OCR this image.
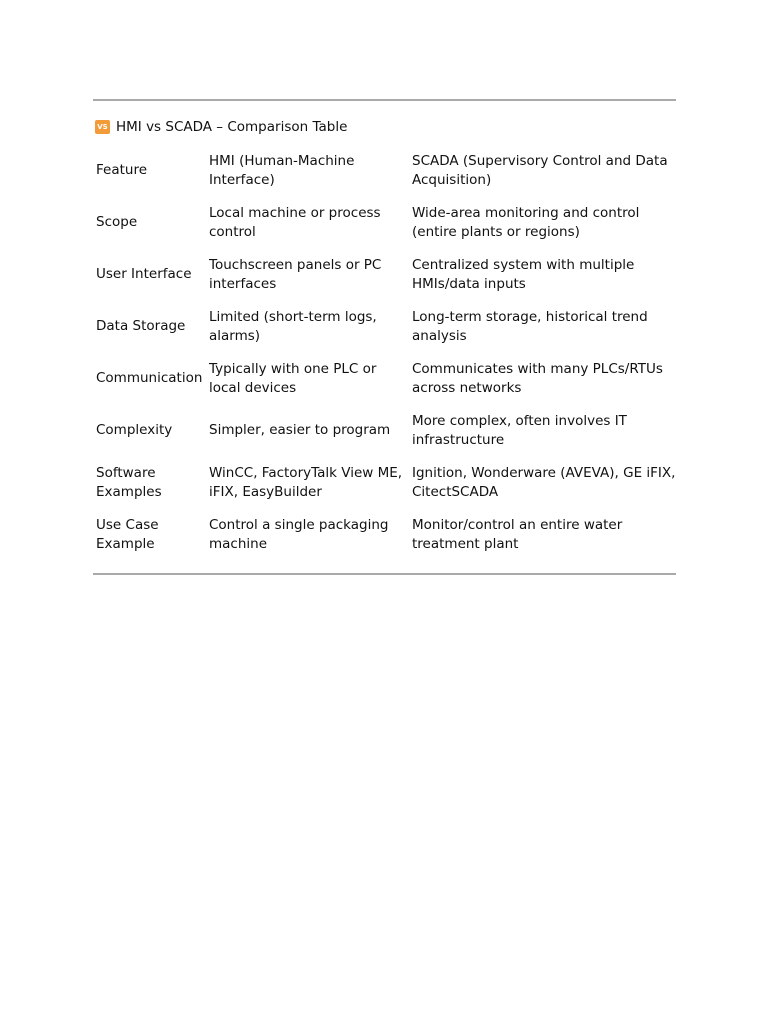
VS HMI vs SCADA – Comparison Table
Feature	HMI (Human-Machine Interface)	SCADA (Supervisory Control and Data Acquisition)
Scope	Local machine or process control	Wide-area monitoring and control (entire plants or regions)
User Interface	Touchscreen panels or PC interfaces	Centralized system with multiple HMIs/data inputs
Data Storage	Limited (short-term logs, alarms)	Long-term storage, historical trend analysis
Communication	Typically with one PLC or local devices	Communicates with many PLCs/RTUs across networks
Complexity	Simpler, easier to program	More complex, often involves IT infrastructure
Software Examples	WinCC, FactoryTalk View ME, iFIX, EasyBuilder	Ignition, Wonderware (AVEVA), GE iFIX, CitectSCADA
Use Case Example	Control a single packaging machine	Monitor/control an entire water treatment plant
